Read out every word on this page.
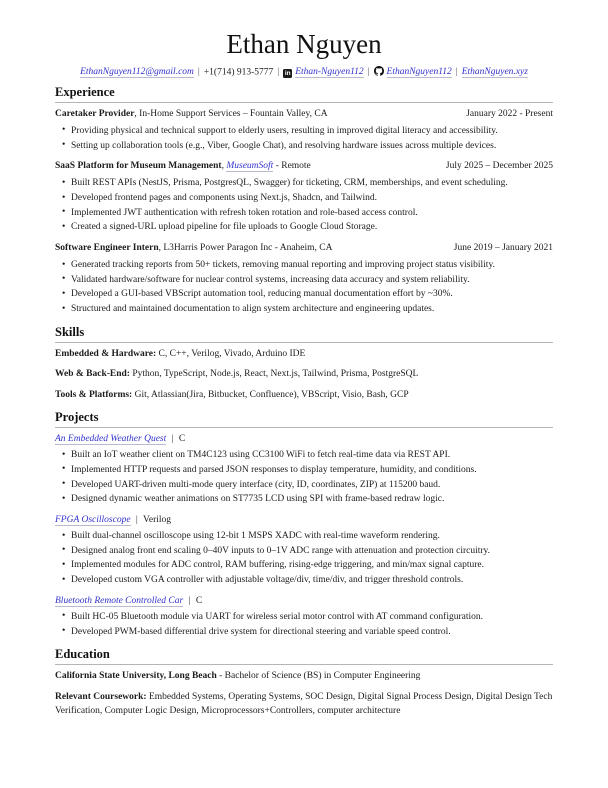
Ethan Nguyen
EthanNguyen112@gmail.com | +1(714) 913-5777 | in Ethan-Nguyen112 | EthanNguyen112 | EthanNguyen.xyz
Experience
Caretaker Provider, In-Home Support Services – Fountain Valley, CA	January 2022 - Present
• Providing physical and technical support to elderly users, resulting in improved digital literacy and accessibility.
• Setting up collaboration tools (e.g., Viber, Google Chat), and resolving hardware issues across multiple devices.
SaaS Platform for Museum Management, MuseumSoft - Remote	July 2025 – December 2025
• Built REST APIs (NestJS, Prisma, PostgresQL, Swagger) for ticketing, CRM, memberships, and event scheduling.
• Developed frontend pages and components using Next.js, Shadcn, and Tailwind.
• Implemented JWT authentication with refresh token rotation and role-based access control.
• Created a signed-URL upload pipeline for file uploads to Google Cloud Storage.
Software Engineer Intern, L3Harris Power Paragon Inc - Anaheim, CA	June 2019 – January 2021
• Generated tracking reports from 50+ tickets, removing manual reporting and improving project status visibility.
• Validated hardware/software for nuclear control systems, increasing data accuracy and system reliability.
• Developed a GUI-based VBScript automation tool, reducing manual documentation effort by ~30%.
• Structured and maintained documentation to align system architecture and engineering updates.
Skills
Embedded & Hardware: C, C++, Verilog, Vivado, Arduino IDE
Web & Back-End: Python, TypeScript, Node.js, React, Next.js, Tailwind, Prisma, PostgreSQL
Tools & Platforms: Git, Atlassian(Jira, Bitbucket, Confluence), VBScript, Visio, Bash, GCP
Projects
An Embedded Weather Quest | C
• Built an IoT weather client on TM4C123 using CC3100 WiFi to fetch real-time data via REST API.
• Implemented HTTP requests and parsed JSON responses to display temperature, humidity, and conditions.
• Developed UART-driven multi-mode query interface (city, ID, coordinates, ZIP) at 115200 baud.
• Designed dynamic weather animations on ST7735 LCD using SPI with frame-based redraw logic.
FPGA Oscilloscope | Verilog
• Built dual-channel oscilloscope using 12-bit 1 MSPS XADC with real-time waveform rendering.
• Designed analog front end scaling 0–40V inputs to 0–1V ADC range with attenuation and protection circuitry.
• Implemented modules for ADC control, RAM buffering, rising-edge triggering, and min/max signal capture.
• Developed custom VGA controller with adjustable voltage/div, time/div, and trigger threshold controls.
Bluetooth Remote Controlled Car | C
• Built HC-05 Bluetooth module via UART for wireless serial motor control with AT command configuration.
• Developed PWM-based differential drive system for directional steering and variable speed control.
Education
California State University, Long Beach - Bachelor of Science (BS) in Computer Engineering
Relevant Coursework: Embedded Systems, Operating Systems, SOC Design, Digital Signal Process Design, Digital Design Tech Verification, Computer Logic Design, Microprocessors+Controllers, computer architecture
